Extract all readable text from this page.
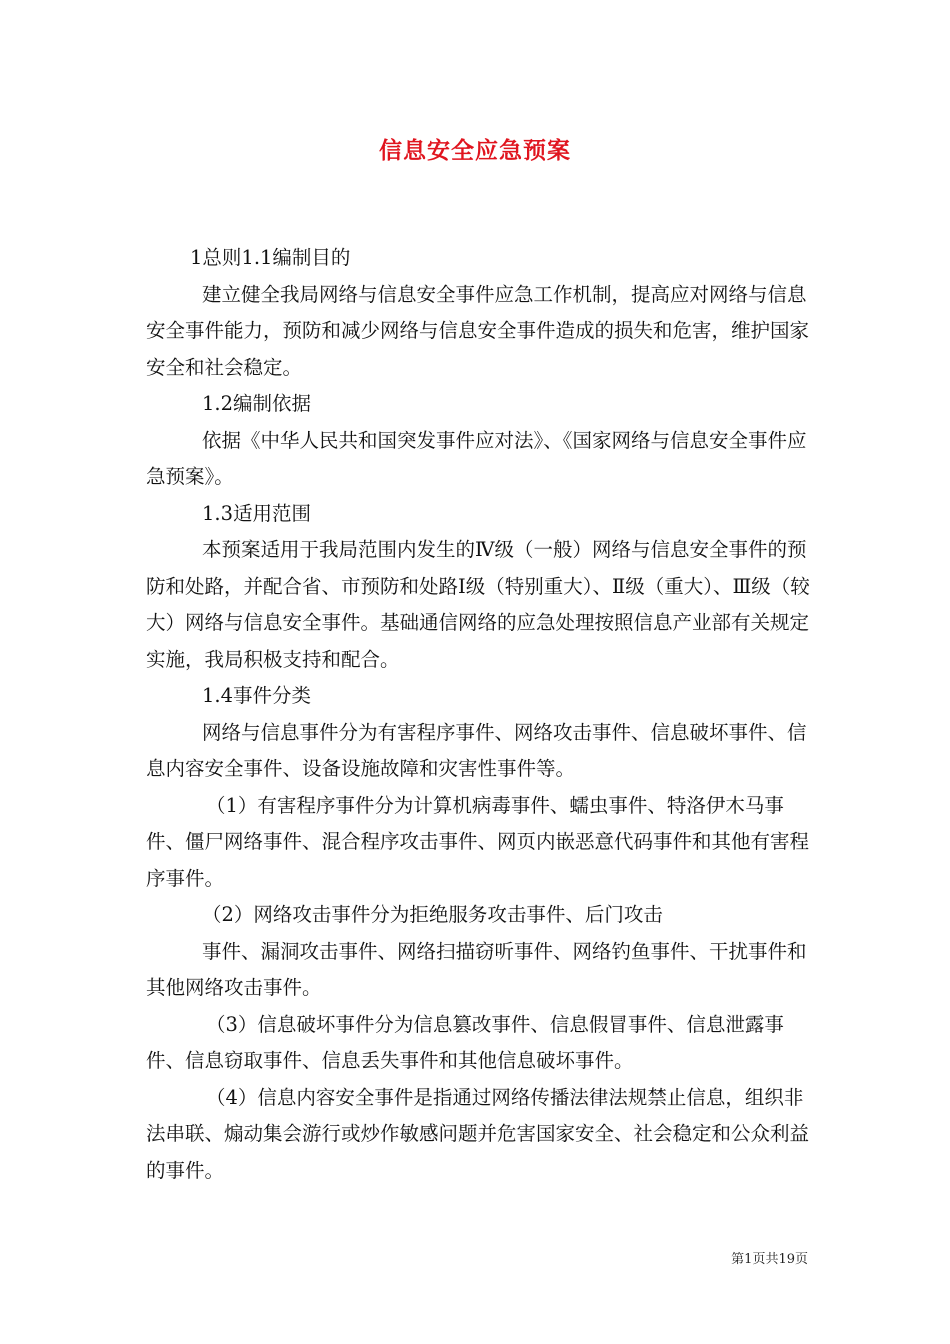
信息安全应急预案

1总则1.1编制目的

建立健全我局网络与信息安全事件应急工作机制，提高应对网络与信息安全事件能力，预防和减少网络与信息安全事件造成的损失和危害，维护国家安全和社会稳定。

1.2编制依据

依据《中华人民共和国突发事件应对法》、《国家网络与信息安全事件应急预案》。

1.3适用范围

本预案适用于我局范围内发生的Ⅳ级（一般）网络与信息安全事件的预防和处路，并配合省、市预防和处路Ⅰ级（特别重大）、Ⅱ级（重大）、Ⅲ级（较大）网络与信息安全事件。基础通信网络的应急处理按照信息产业部有关规定实施，我局积极支持和配合。

1.4事件分类

网络与信息事件分为有害程序事件、网络攻击事件、信息破坏事件、信息内容安全事件、设备设施故障和灾害性事件等。

（1）有害程序事件分为计算机病毒事件、蠕虫事件、特洛伊木马事件、僵尸网络事件、混合程序攻击事件、网页内嵌恶意代码事件和其他有害程序事件。

（2）网络攻击事件分为拒绝服务攻击事件、后门攻击

事件、漏洞攻击事件、网络扫描窃听事件、网络钓鱼事件、干扰事件和其他网络攻击事件。

（3）信息破坏事件分为信息篡改事件、信息假冒事件、信息泄露事件、信息窃取事件、信息丢失事件和其他信息破坏事件。

（4）信息内容安全事件是指通过网络传播法律法规禁止信息，组织非法串联、煽动集会游行或炒作敏感问题并危害国家安全、社会稳定和公众利益的事件。

第1页共19页
